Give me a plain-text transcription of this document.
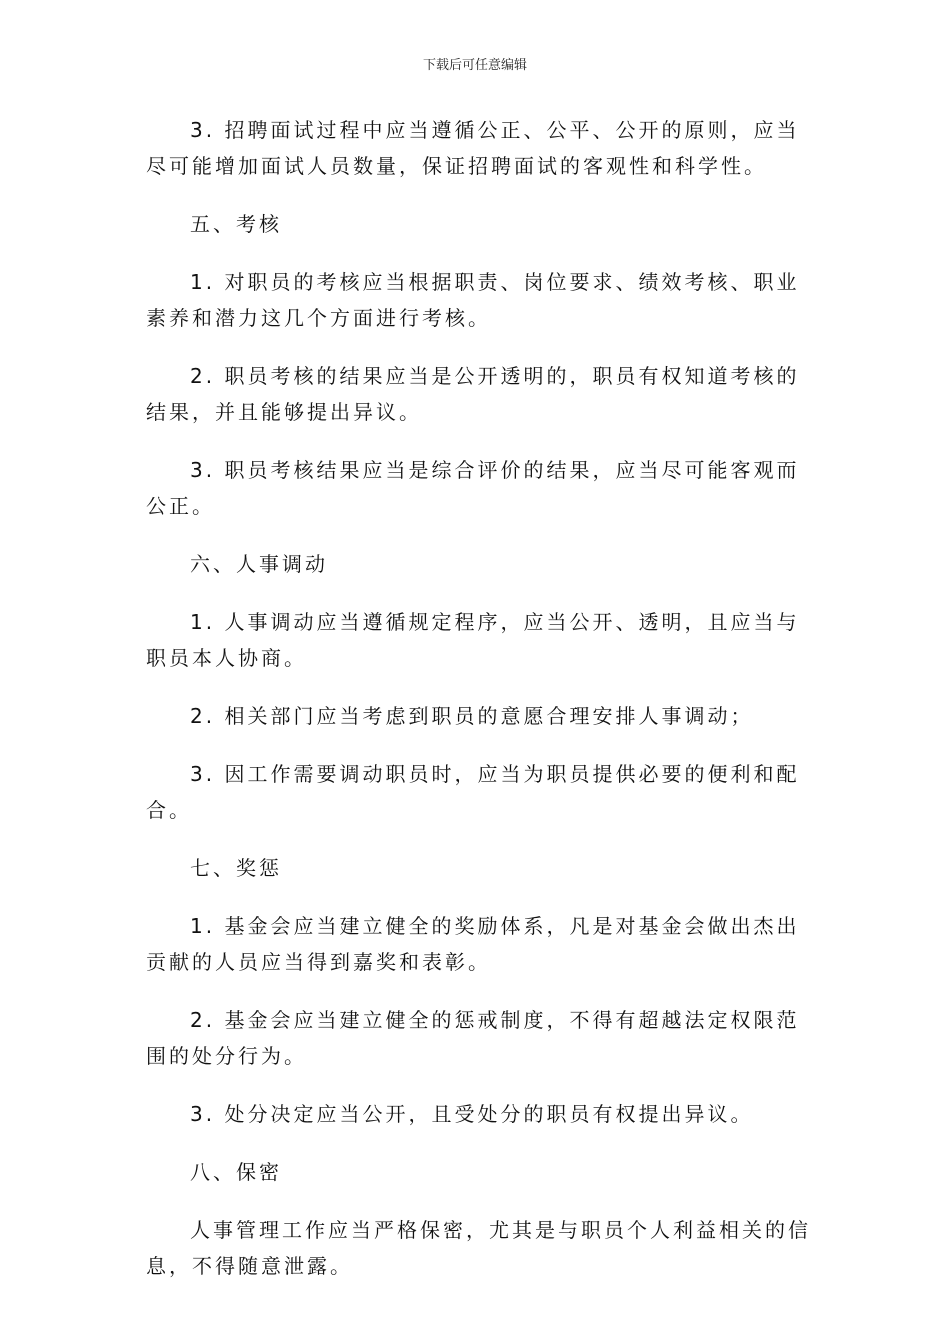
下载后可任意编辑

3. 招聘面试过程中应当遵循公正、公平、公开的原则，应当尽可能增加面试人员数量，保证招聘面试的客观性和科学性。

五、考核

1. 对职员的考核应当根据职责、岗位要求、绩效考核、职业素养和潜力这几个方面进行考核。

2. 职员考核的结果应当是公开透明的，职员有权知道考核的结果，并且能够提出异议。

3. 职员考核结果应当是综合评价的结果，应当尽可能客观而公正。

六、人事调动

1. 人事调动应当遵循规定程序，应当公开、透明，且应当与职员本人协商。

2. 相关部门应当考虑到职员的意愿合理安排人事调动；

3. 因工作需要调动职员时，应当为职员提供必要的便利和配合。

七、奖惩

1. 基金会应当建立健全的奖励体系，凡是对基金会做出杰出贡献的人员应当得到嘉奖和表彰。

2. 基金会应当建立健全的惩戒制度，不得有超越法定权限范围的处分行为。

3. 处分决定应当公开，且受处分的职员有权提出异议。

八、保密

人事管理工作应当严格保密，尤其是与职员个人利益相关的信息，不得随意泄露。
